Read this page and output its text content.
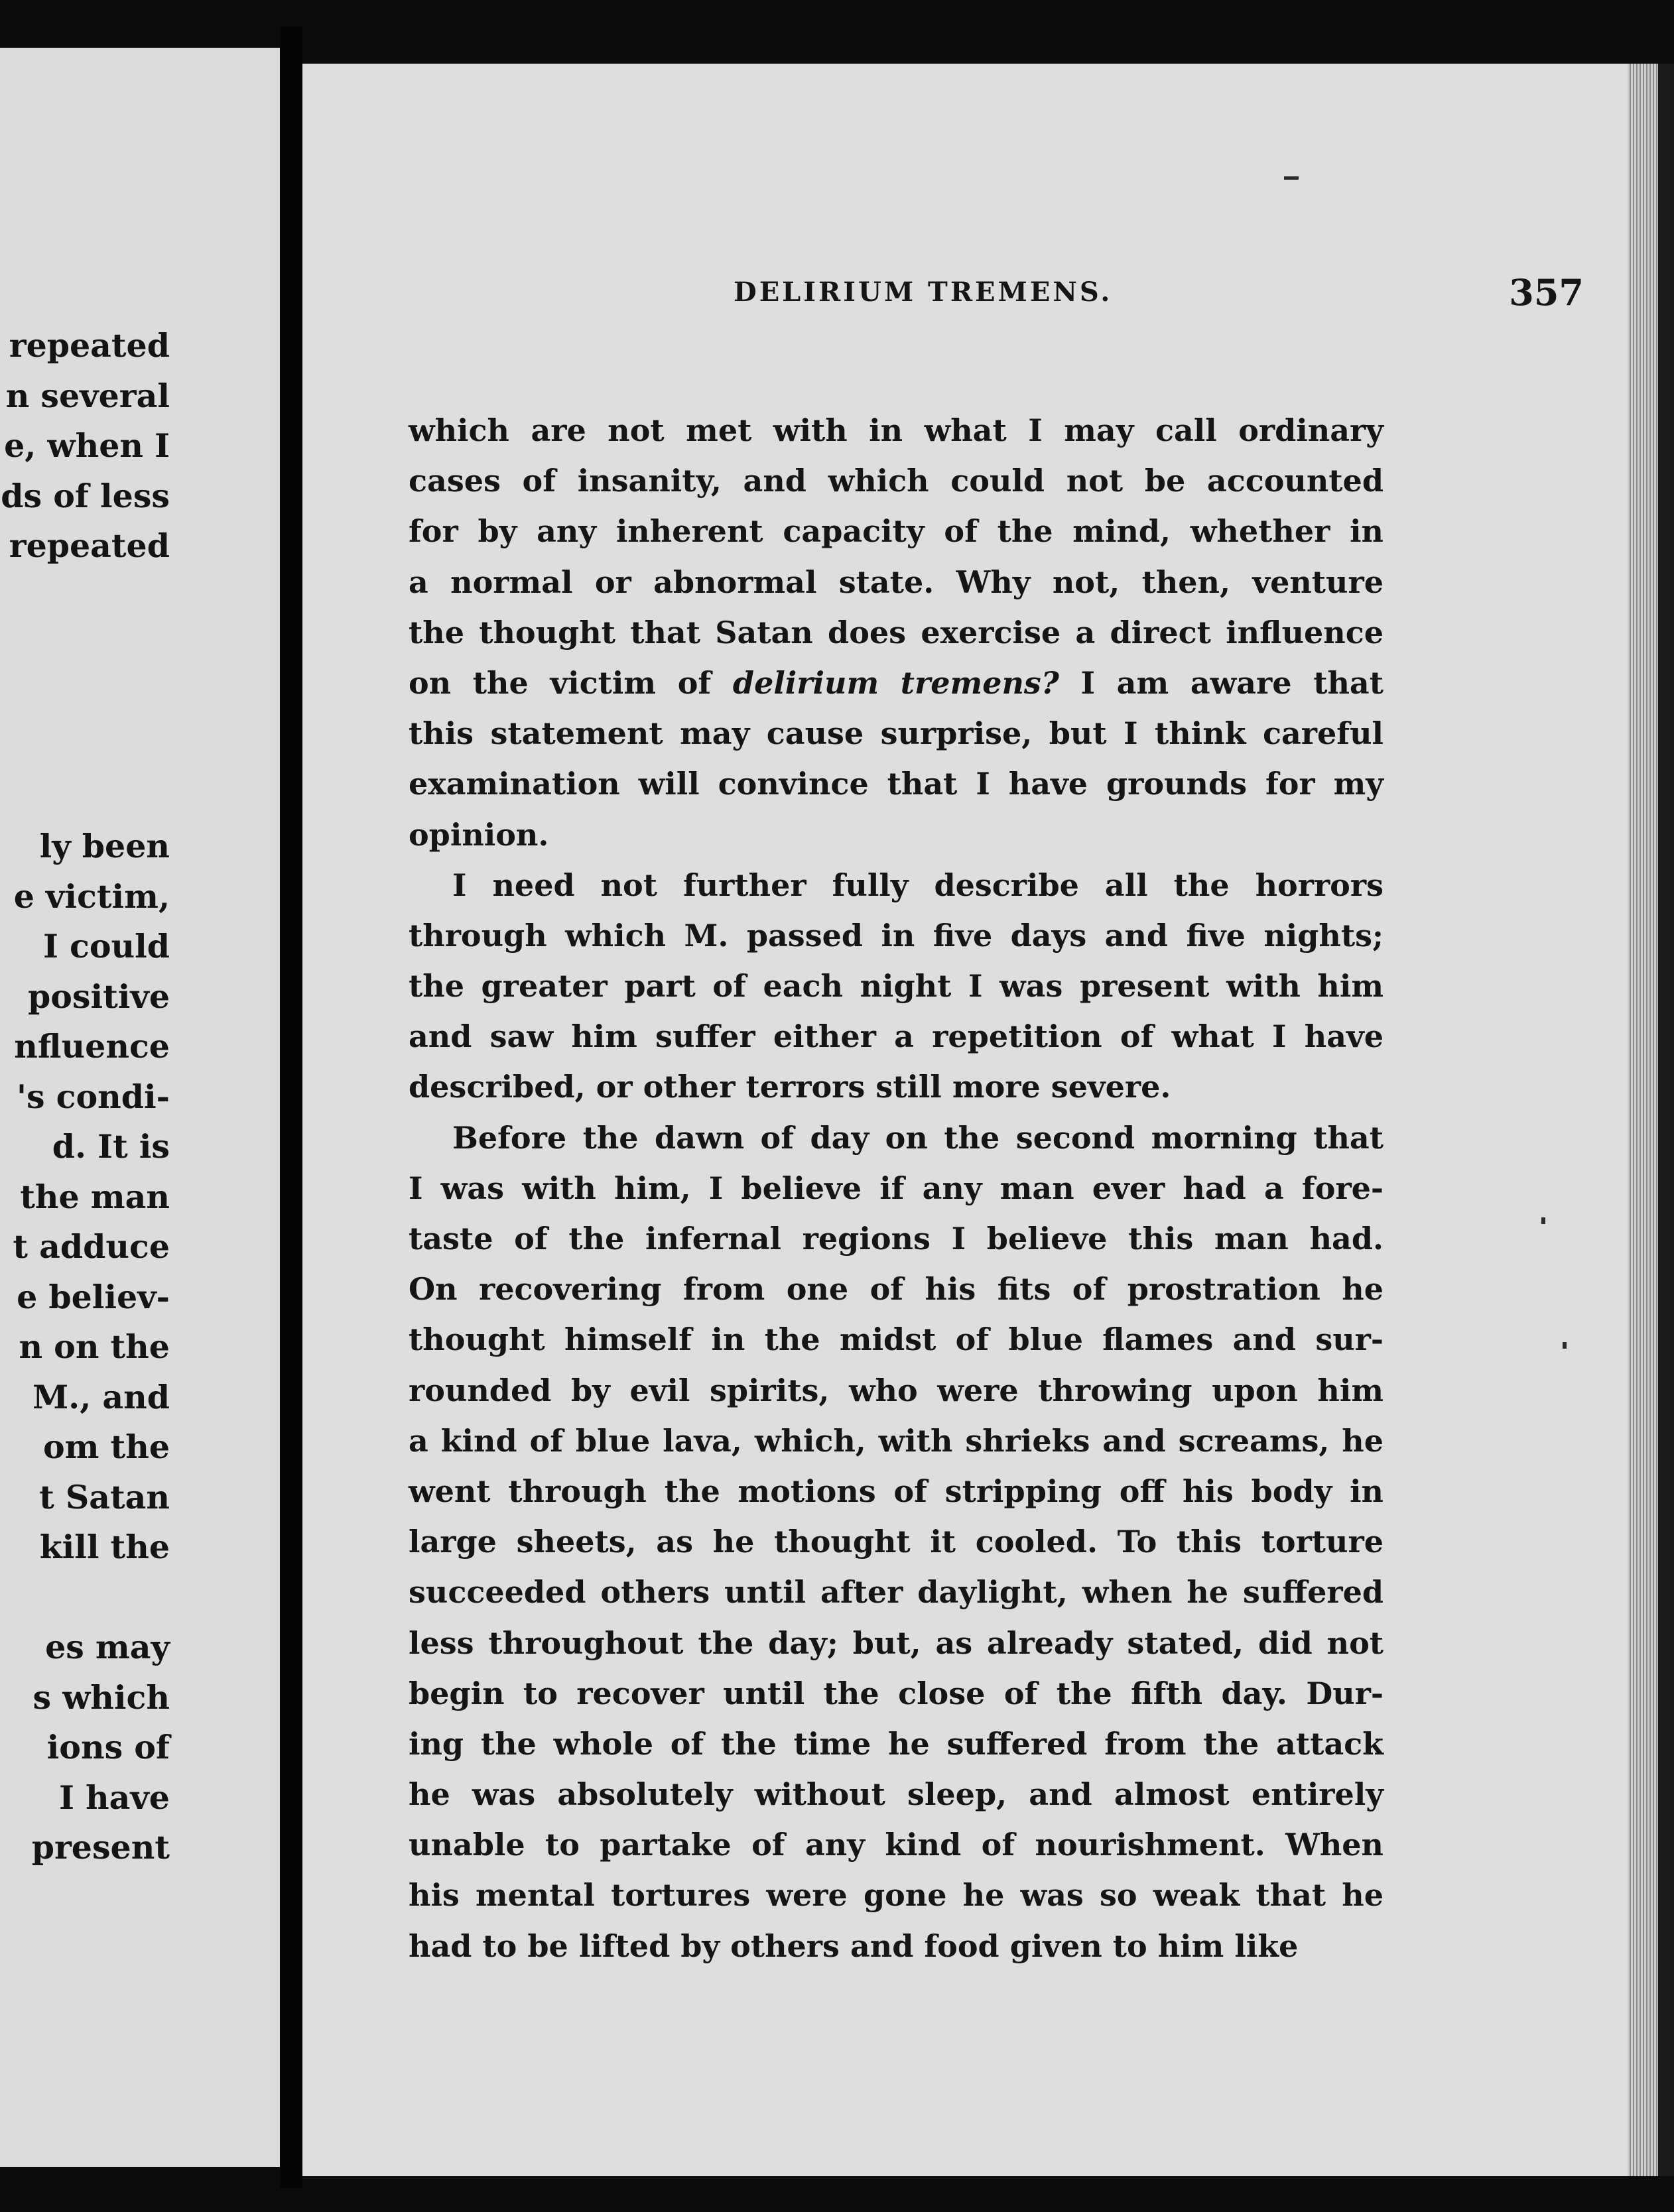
repeated
n several
e, when I
ds of less
repeated
ly been
e victim,
I could
positive
nfluence
's condi-
d. It is
the man
t adduce
e believ-
n on the
M., and
om the
t Satan
kill the
es may
s which
ions of
I have
present
DELIRIUM TREMENS.	357
which are not met with in what I may call ordinary
cases of insanity, and which could not be accounted
for by any inherent capacity of the mind, whether in
a normal or abnormal state. Why not, then, venture
the thought that Satan does exercise a direct influence
on the victim of delirium tremens? I am aware that
this statement may cause surprise, but I think careful
examination will convince that I have grounds for my
opinion.
I need not further fully describe all the horrors
through which M. passed in five days and five nights;
the greater part of each night I was present with him
and saw him suffer either a repetition of what I have
described, or other terrors still more severe.
Before the dawn of day on the second morning that
I was with him, I believe if any man ever had a fore-
taste of the infernal regions I believe this man had.
On recovering from one of his fits of prostration he
thought himself in the midst of blue flames and sur-
rounded by evil spirits, who were throwing upon him
a kind of blue lava, which, with shrieks and screams, he
went through the motions of stripping off his body in
large sheets, as he thought it cooled. To this torture
succeeded others until after daylight, when he suffered
less throughout the day; but, as already stated, did not
begin to recover until the close of the fifth day. Dur-
ing the whole of the time he suffered from the attack
he was absolutely without sleep, and almost entirely
unable to partake of any kind of nourishment. When
his mental tortures were gone he was so weak that he
had to be lifted by others and food given to him like
